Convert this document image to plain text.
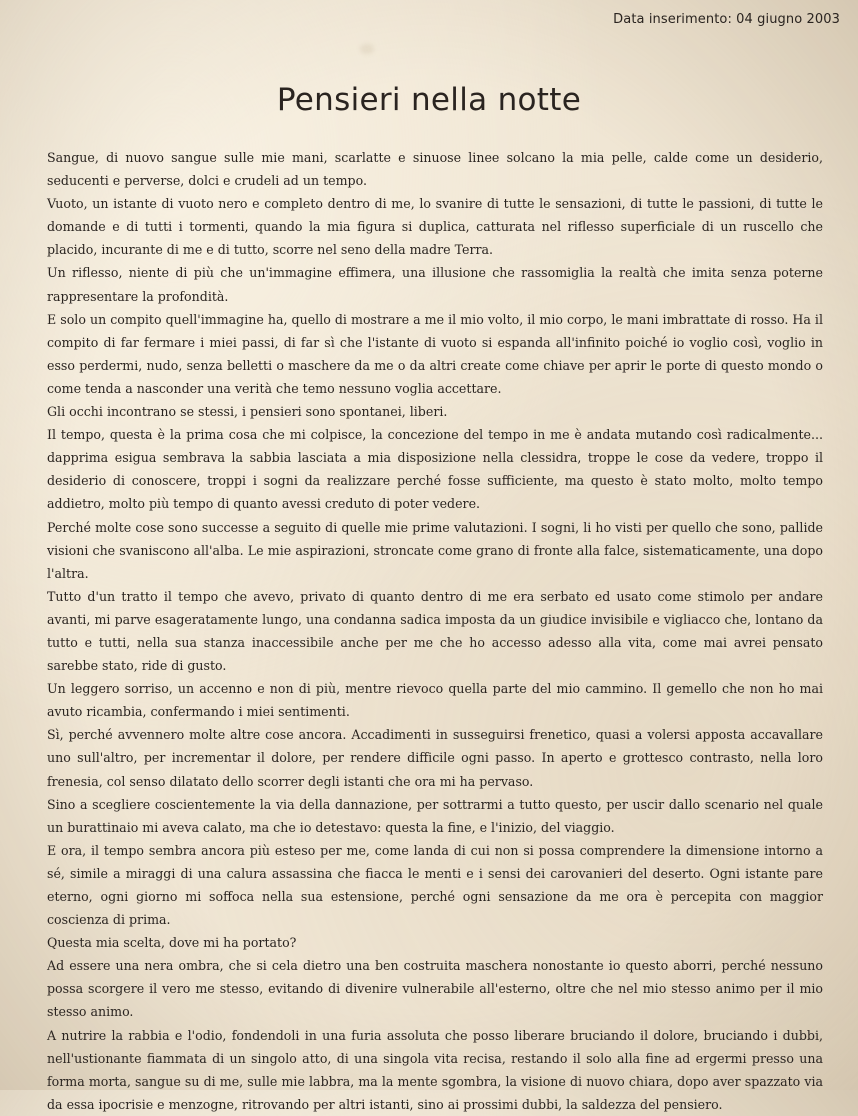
Data inserimento: 04 giugno 2003
Pensieri nella notte

Sangue, di nuovo sangue sulle mie mani, scarlatte e sinuose linee solcano la mia pelle, calde come un desiderio, seducenti e perverse, dolci e crudeli ad un tempo.

Vuoto, un istante di vuoto nero e completo dentro di me, lo svanire di tutte le sensazioni, di tutte le passioni, di tutte le domande e di tutti i tormenti, quando la mia figura si duplica, catturata nel riflesso superficiale di un ruscello che placido, incurante di me e di tutto, scorre nel seno della madre Terra.

Un riflesso, niente di più che un'immagine effimera, una illusione che rassomiglia la realtà che imita senza poterne rappresentare la profondità.

E solo un compito quell'immagine ha, quello di mostrare a me il mio volto, il mio corpo, le mani imbrattate di rosso. Ha il compito di far fermare i miei passi, di far sì che l'istante di vuoto si espanda all'infinito poiché io voglio così, voglio in esso perdermi, nudo, senza belletti o maschere da me o da altri create come chiave per aprir le porte di questo mondo o come tenda a nasconder una verità che temo nessuno voglia accettare.

Gli occhi incontrano se stessi, i pensieri sono spontanei, liberi.

Il tempo, questa è la prima cosa che mi colpisce, la concezione del tempo in me è andata mutando così radicalmente... dapprima esigua sembrava la sabbia lasciata a mia disposizione nella clessidra, troppe le cose da vedere, troppo il desiderio di conoscere, troppi i sogni da realizzare perché fosse sufficiente, ma questo è stato molto, molto tempo addietro, molto più tempo di quanto avessi creduto di poter vedere.

Perché molte cose sono successe a seguito di quelle mie prime valutazioni. I sogni, li ho visti per quello che sono, pallide visioni che svaniscono all'alba. Le mie aspirazioni, stroncate come grano di fronte alla falce, sistematicamente, una dopo l'altra.

Tutto d'un tratto il tempo che avevo, privato di quanto dentro di me era serbato ed usato come stimolo per andare avanti, mi parve esageratamente lungo, una condanna sadica imposta da un giudice invisibile e vigliacco che, lontano da tutto e tutti, nella sua stanza inaccessibile anche per me che ho accesso adesso alla vita, come mai avrei pensato sarebbe stato, ride di gusto.

Un leggero sorriso, un accenno e non di più, mentre rievoco quella parte del mio cammino. Il gemello che non ho mai avuto ricambia, confermando i miei sentimenti.

Sì, perché avvennero molte altre cose ancora. Accadimenti in susseguirsi frenetico, quasi a volersi apposta accavallare uno sull'altro, per incrementar il dolore, per rendere difficile ogni passo. In aperto e grottesco contrasto, nella loro frenesia, col senso dilatato dello scorrer degli istanti che ora mi ha pervaso.

Sino a scegliere coscientemente la via della dannazione, per sottrarmi a tutto questo, per uscir dallo scenario nel quale un burattinaio mi aveva calato, ma che io detestavo: questa la fine, e l'inizio, del viaggio.

E ora, il tempo sembra ancora più esteso per me, come landa di cui non si possa comprendere la dimensione intorno a sé, simile a miraggi di una calura assassina che fiacca le menti e i sensi dei carovanieri del deserto. Ogni istante pare eterno, ogni giorno mi soffoca nella sua estensione, perché ogni sensazione da me ora è percepita con maggior coscienza di prima.

Questa mia scelta, dove mi ha portato?

Ad essere una nera ombra, che si cela dietro una ben costruita maschera nonostante io questo aborri, perché nessuno possa scorgere il vero me stesso, evitando di divenire vulnerabile all'esterno, oltre che nel mio stesso animo per il mio stesso animo.

A nutrire la rabbia e l'odio, fondendoli in una furia assoluta che posso liberare bruciando il dolore, bruciando i dubbi, nell'ustionante fiammata di un singolo atto, di una singola vita recisa, restando il solo alla fine ad ergermi presso una forma morta, sangue su di me, sulle mie labbra, ma la mente sgombra, la visione di nuovo chiara, dopo aver spazzato via da essa ipocrisie e menzogne, ritrovando per altri istanti, sino ai prossimi dubbi, la saldezza del pensiero.
